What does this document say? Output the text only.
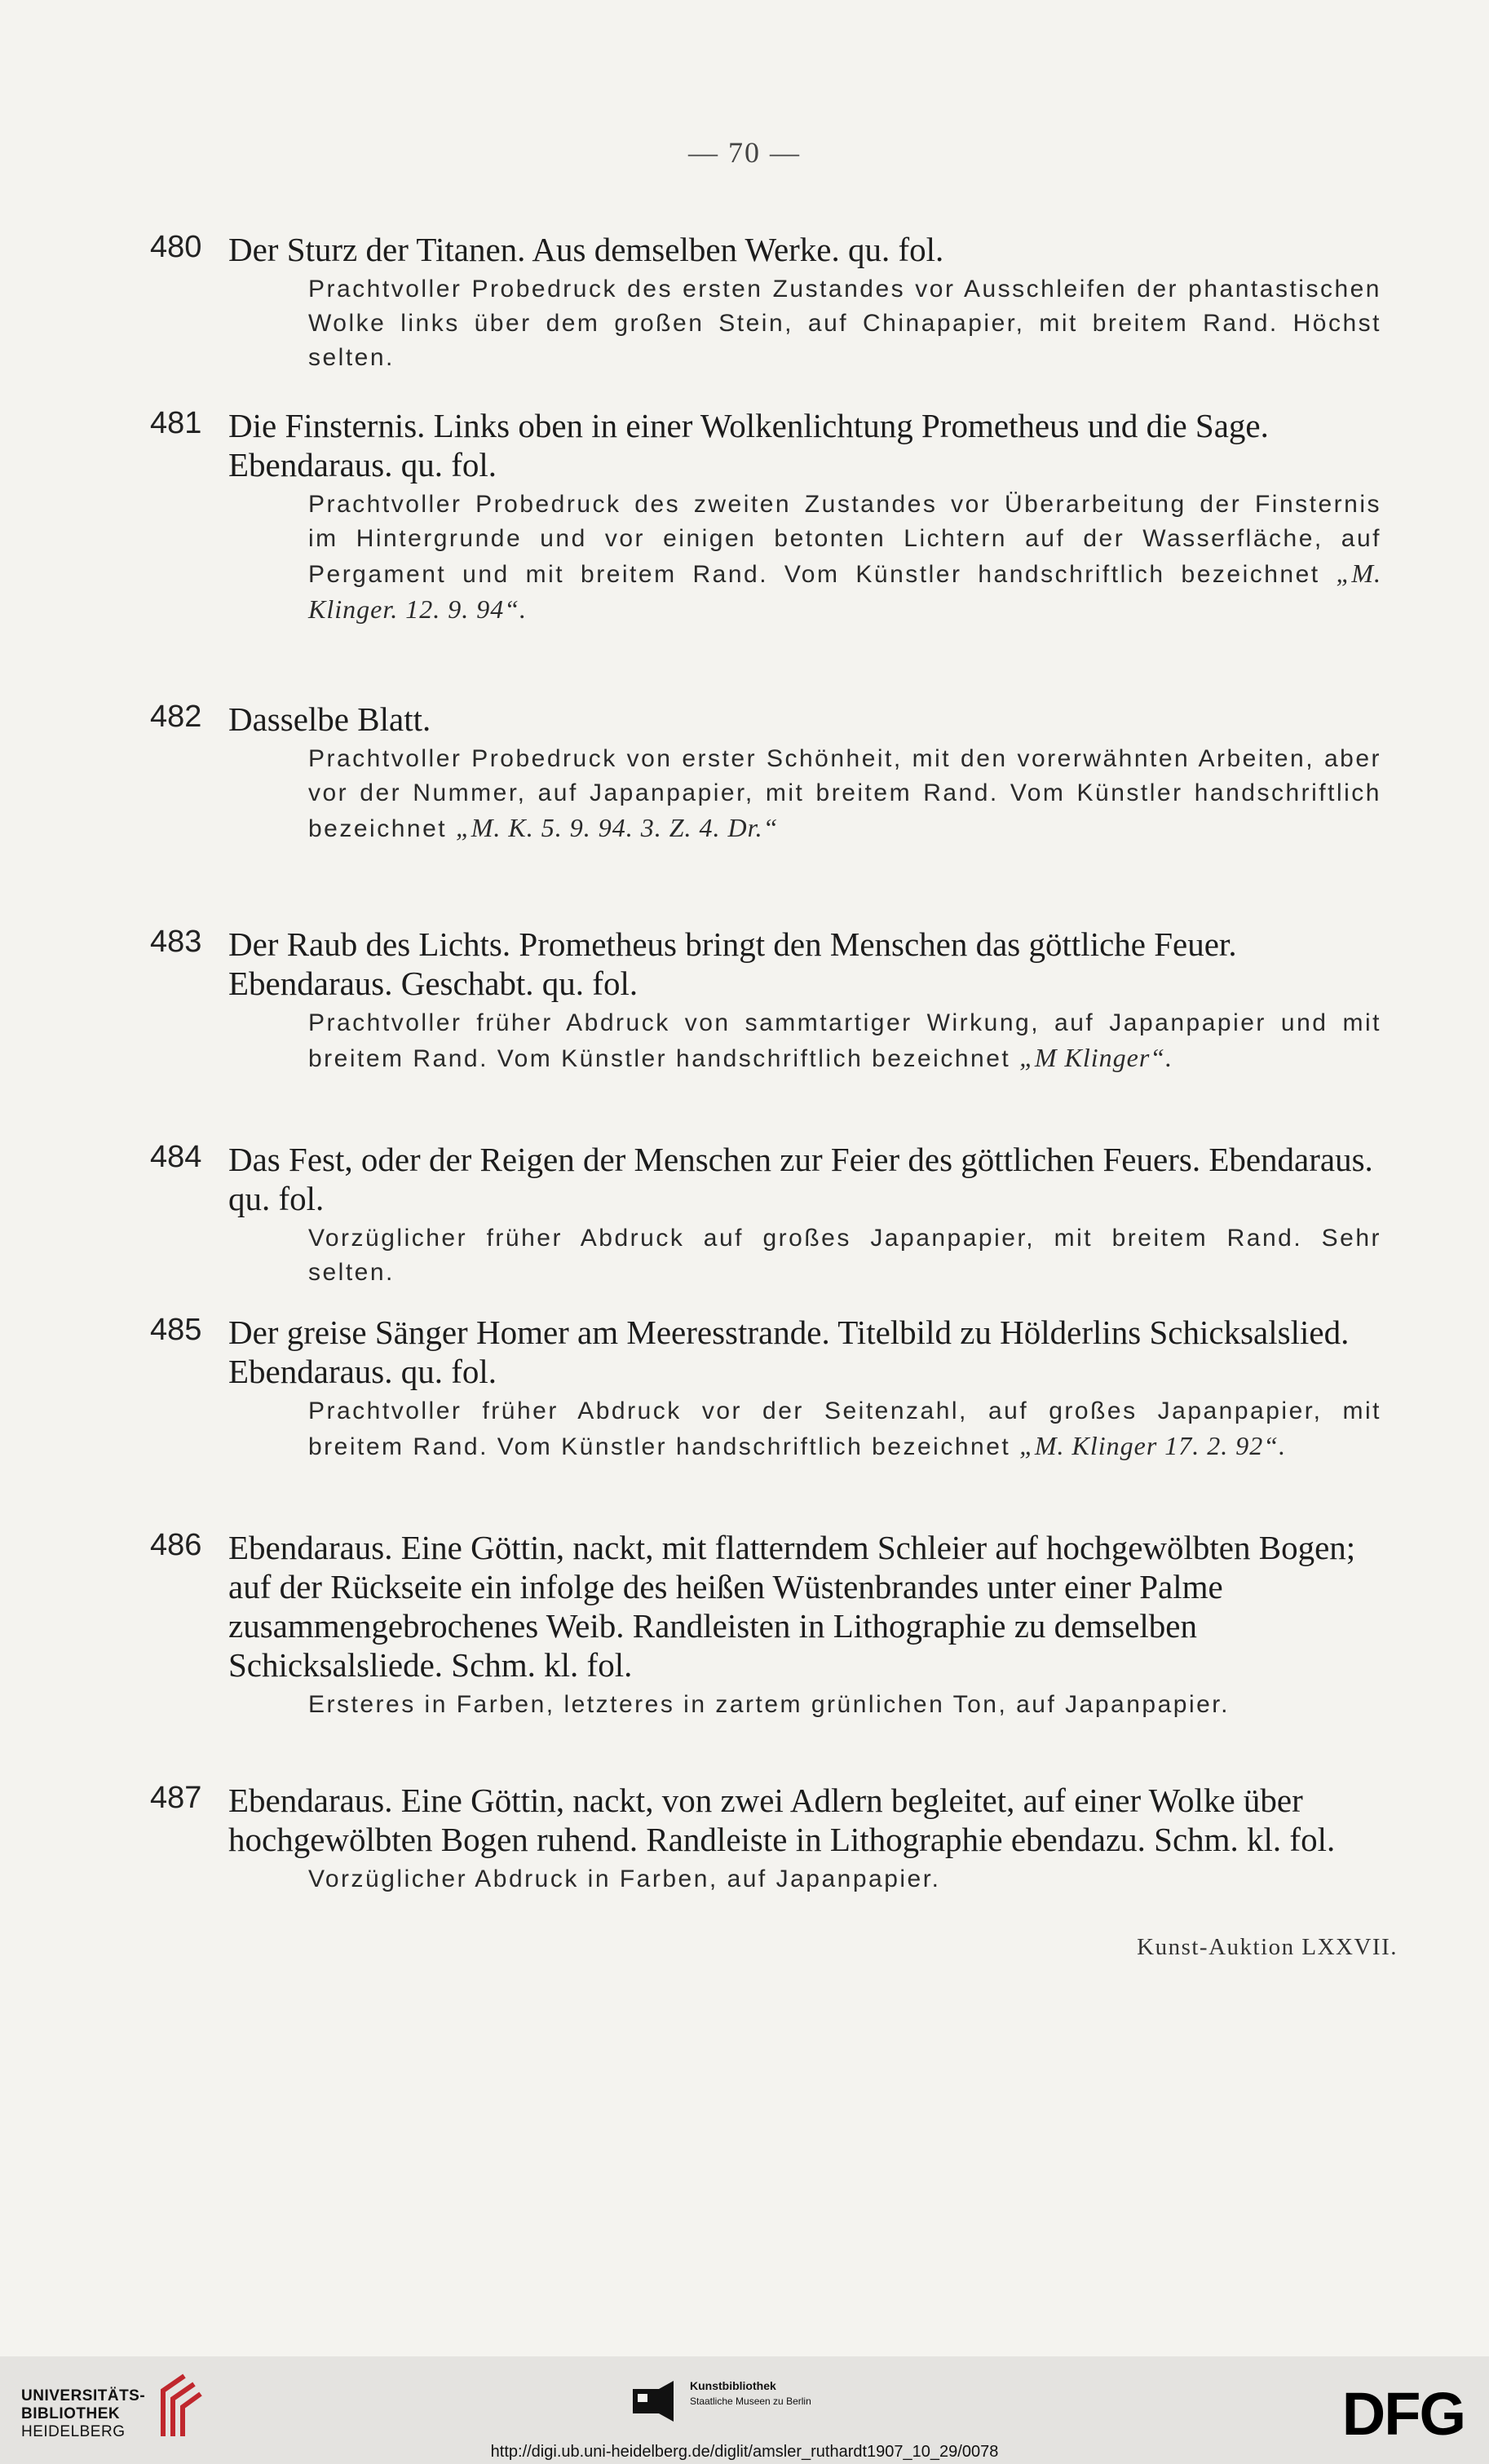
— 70 —
480 Der Sturz der Titanen. Aus demselben Werke. qu. fol.
Prachtvoller Probedruck des ersten Zustandes vor Ausschleifen der phantastischen Wolke links über dem großen Stein, auf Chinapapier, mit breitem Rand. Höchst selten.
481 Die Finsternis. Links oben in einer Wolkenlichtung Prometheus und die Sage. Ebendaraus. qu. fol.
Prachtvoller Probedruck des zweiten Zustandes vor Überarbeitung der Finsternis im Hintergrunde und vor einigen betonten Lichtern auf der Wasserfläche, auf Pergament und mit breitem Rand. Vom Künstler handschriftlich bezeichnet „M. Klinger. 12. 9. 94“.
482 Dasselbe Blatt.
Prachtvoller Probedruck von erster Schönheit, mit den vorerwähnten Arbeiten, aber vor der Nummer, auf Japanpapier, mit breitem Rand. Vom Künstler handschriftlich bezeichnet „M. K. 5. 9. 94. 3. Z. 4. Dr.“
483 Der Raub des Lichts. Prometheus bringt den Menschen das göttliche Feuer. Ebendaraus. Geschabt. qu. fol.
Prachtvoller früher Abdruck von sammtartiger Wirkung, auf Japanpapier und mit breitem Rand. Vom Künstler handschriftlich bezeichnet „M Klinger“.
484 Das Fest, oder der Reigen der Menschen zur Feier des göttlichen Feuers. Ebendaraus. qu. fol.
Vorzüglicher früher Abdruck auf großes Japanpapier, mit breitem Rand. Sehr selten.
485 Der greise Sänger Homer am Meeresstrande. Titelbild zu Hölderlins Schicksalslied. Ebendaraus. qu. fol.
Prachtvoller früher Abdruck vor der Seitenzahl, auf großes Japanpapier, mit breitem Rand. Vom Künstler handschriftlich bezeichnet „M. Klinger 17. 2. 92“.
486 Ebendaraus. Eine Göttin, nackt, mit flatterndem Schleier auf hochgewölbten Bogen; auf der Rückseite ein infolge des heißen Wüstenbrandes unter einer Palme zusammengebrochenes Weib. Randleisten in Lithographie zu demselben Schicksalsliede. Schm. kl. fol.
Ersteres in Farben, letzteres in zartem grünlichen Ton, auf Japanpapier.
487 Ebendaraus. Eine Göttin, nackt, von zwei Adlern begleitet, auf einer Wolke über hochgewölbten Bogen ruhend. Randleiste in Lithographie ebendazu. Schm. kl. fol.
Vorzüglicher Abdruck in Farben, auf Japanpapier.
Kunst-Auktion LXXVII.
UNIVERSITÄTS-
BIBLIOTHEK
HEIDELBERG
Kunstbibliothek
Staatliche Museen zu Berlin	DFG
http://digi.ub.uni-heidelberg.de/diglit/amsler_ruthardt1907_10_29/0078
